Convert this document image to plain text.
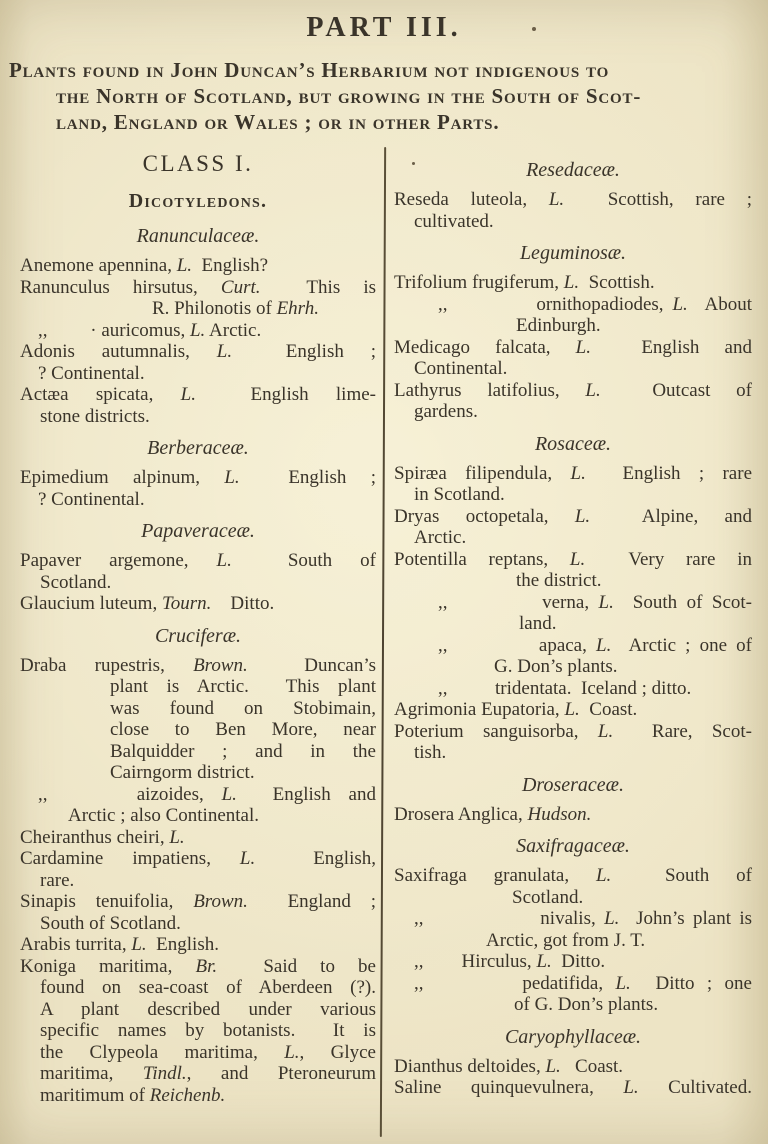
PART III.
Plants found in John Duncan’s Herbarium not indigenous to
the North of Scotland, but growing in the South of Scot-
land, England or Wales ; or in other Parts.
CLASS I.
Dicotyledons.
Ranunculaceæ.
Anemone apennina, L.  English?
Ranunculus hirsutus, Curt.  This is
R. Philonotis of Ehrh.
,,         · auricomus, L. Arctic.
Adonis autumnalis, L.  English ;
? Continental.
Actæa spicata, L.  English lime-
stone districts.
Berberaceæ.
Epimedium alpinum, L.  English ;
? Continental.
Papaveraceæ.
Papaver argemone, L.  South of
Scotland.
Glaucium luteum, Tourn.    Ditto.
Cruciferæ.
Draba rupestris, Brown.  Duncan’s
plant is Arctic.  This plant
was found on Stobimain,
close to Ben More, near
Balquidder ; and in the
Cairngorm district.
,,     aizoides, L.  English and
Arctic ; also Continental.
Cheiranthus cheiri, L.
Cardamine impatiens, L.  English,
rare.
Sinapis tenuifolia, Brown.  England ;
South of Scotland.
Arabis turrita, L.  English.
Koniga maritima, Br.  Said to be
found on sea-coast of Aberdeen (?).
A plant described under various
specific names by botanists.  It is
the Clypeola maritima, L., Glyce
maritima, Tindl., and Pteroneurum
maritimum of Reichenb.
Resedaceæ.
Reseda luteola, L.  Scottish, rare ;
cultivated.
Leguminosæ.
Trifolium frugiferum, L.  Scottish.
,,          ornithopadiodes, L.  About
Edinburgh.
Medicago falcata, L.  English and
Continental.
Lathyrus latifolius, L.  Outcast of
gardens.
Rosaceæ.
Spiræa filipendula, L.  English ; rare
in Scotland.
Dryas octopetala, L.  Alpine, and
Arctic.
Potentilla reptans, L.  Very rare in
the district.
,,          verna, L.  South of Scot-
land.
,,          apaca, L.  Arctic ; one of
G. Don’s plants.
,,          tridentata.  Iceland ; ditto.
Agrimonia Eupatoria, L.  Coast.
Poterium sanguisorba, L.  Rare, Scot-
tish.
Droseraceæ.
Drosera Anglica, Hudson.
Saxifragaceæ.
Saxifraga granulata, L.  South of
Scotland.
,,              nivalis, L.  John’s plant is
Arctic, got from J. T.
,,        Hirculus, L.  Ditto.
,,        pedatifida, L.  Ditto ; one
of G. Don’s plants.
Caryophyllaceæ.
Dianthus deltoides, L.   Coast.
Saline quinquevulnera, L. Cultivated.
